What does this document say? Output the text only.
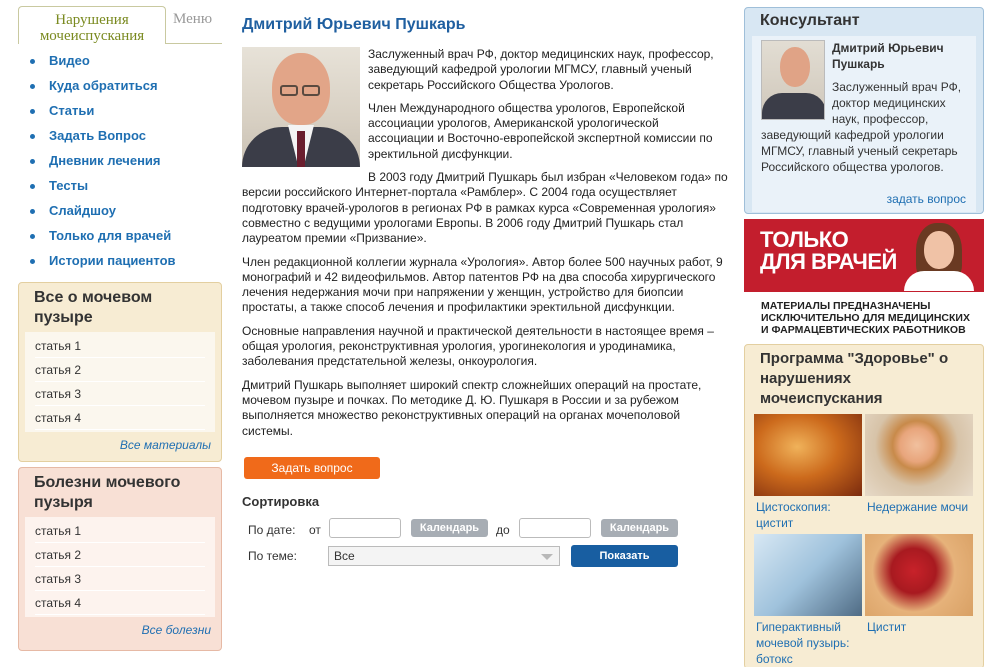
Нарушения мочеиспускания
Меню
Видео
Куда обратиться
Статьи
Задать Вопрос
Дневник лечения
Тесты
Слайдшоу
Только для врачей
Истории пациентов
Все о мочевом пузыре
статья 1
статья 2
статья 3
статья 4
Все материалы
Болезни мочевого пузыря
статья 1
статья 2
статья 3
статья 4
Все болезни
Дмитрий Юрьевич Пушкарь

Заслуженный врач РФ, доктор медицинских наук, профессор, заведующий кафедрой урологии МГМСУ, главный ученый секретарь Российского Общества Урологов.

Член Международного общества урологов, Европейской ассоциации урологов, Американской урологической ассоциации и Восточно-европейской экспертной комиссии по эректильной дисфункции.

В 2003 году Дмитрий Пушкарь был избран «Человеком года» по версии российского Интернет-портала «Рамблер». С 2004 года осуществляет подготовку врачей-урологов в регионах РФ в рамках курса «Современная урология» совместно с ведущими урологами Европы. В 2006 году Дмитрий Пушкарь стал лауреатом премии «Призвание».

Член редакционной коллегии журнала «Урология». Автор более 500 научных работ, 9 монографий и 42 видеофильмов. Автор патентов РФ на два способа хирургического лечения недержания мочи при напряжении у женщин, устройство для биопсии простаты, а также способ лечения и профилактики эректильной дисфункции.

Основные направления научной и практической деятельности в настоящее время – общая урология, реконструктивная урология, урогинекология и уродинамика, заболевания предстательной железы, онкоурология.

Дмитрий Пушкарь выполняет широкий спектр сложнейших операций на простате, мочевом пузыре и почках. По методике Д. Ю. Пушкаря в России и за рубежом выполняется множество реконструктивных операций на органах мочеполовой системы.

Задать вопрос
Сортировка
По дате: от	Календарь	до	Календарь
По теме:	Все	Показать
Консультант
Дмитрий Юрьевич Пушкарь
Заслуженный врач РФ, доктор медицинских наук, профессор,
заведующий кафедрой урологии МГМСУ, главный ученый секретарь Российского общества урологов.
задать вопрос
ТОЛЬКО
ДЛЯ ВРАЧЕЙ
МАТЕРИАЛЫ ПРЕДНАЗНАЧЕНЫ
ИСКЛЮЧИТЕЛЬНО ДЛЯ МЕДИЦИНСКИХ
И ФАРМАЦЕВТИЧЕСКИХ РАБОТНИКОВ
Программа "Здоровье" о нарушениях мочеиспускания
Цистоскопия: цистит
Недержание мочи
Гиперактивный мочевой пузырь: ботокс
Цистит
